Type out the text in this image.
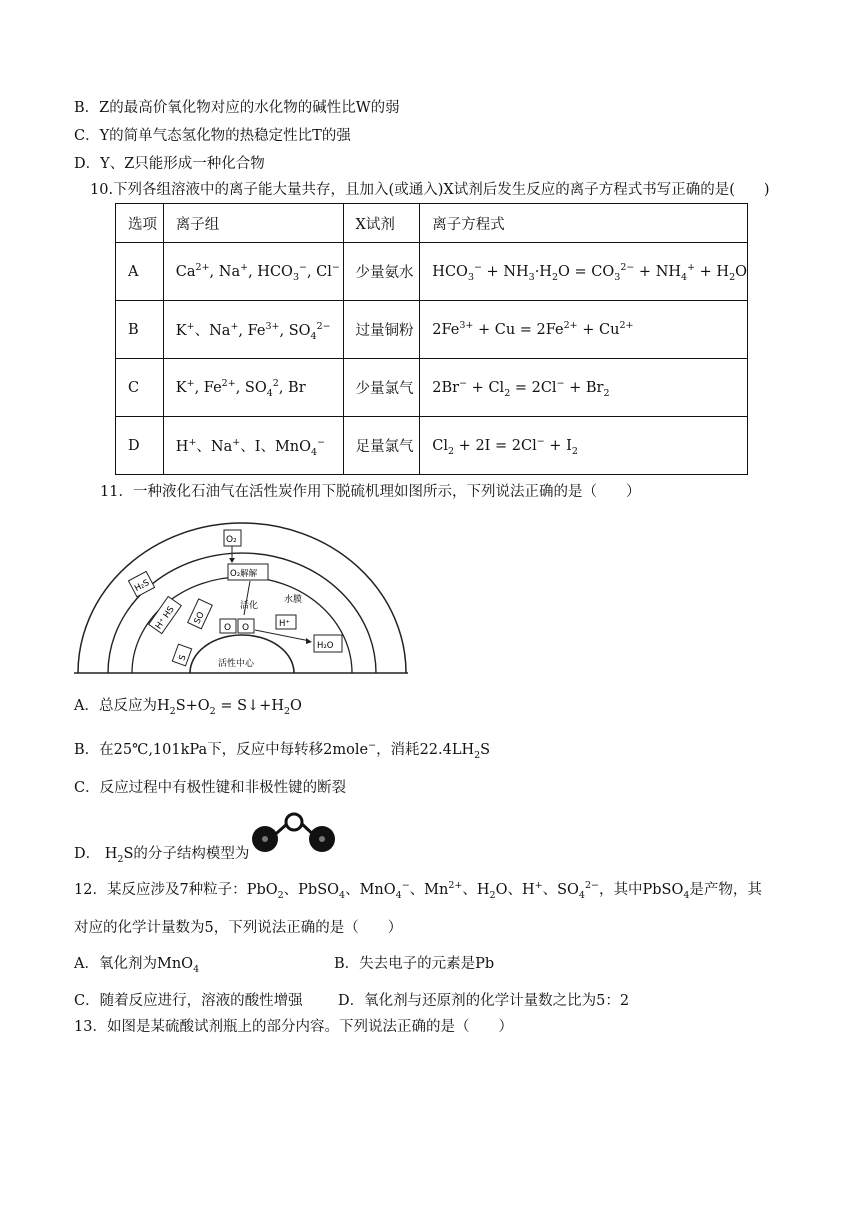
B．Z的最高价氧化物对应的水化物的碱性比W的弱
C．Y的简单气态氢化物的热稳定性比T的强
D．Y、Z只能形成一种化合物
10.下列各组溶液中的离子能大量共存，且加入(或通入)X试剂后发生反应的离子方程式书写正确的是(　　)
选项	离子组	X试剂	离子方程式
A	$Ca^{2+}$, Na+, $HCO_3^-$, Cl−	少量氨水	$HCO_3^- + NH_3\cdot H_2O = CO_3^{2-} + NH_4^+ + H_2O$
B	K+、Na+, $Fe^{3+}$, $SO_4^{2-}$	过量铜粉	$2Fe^{3+} + Cu = 2Fe^{2+} + Cu^{2+}$
C	K+, $Fe^{2+}$, $SO_4^2$, Br	少量氯气	$2Br^- + Cl_2 = 2Cl^- + Br_2$
D	H+、Na+、I、MnO$_4$−	足量氯气	$Cl_2 + 2I = 2Cl^- + I_2$
11．一种液化石油气在活性炭作用下脱硫机理如图所示，下列说法正确的是（　　）
O₂
O₂解解
活化
水膜
H₂S
H⁺ HS SO
O O	H⁺
H₂O
S
活性中心
A．总反应为$H_2S+O_2$ = $S↓+H_2O$
B．在25℃,101kPa下，反应中每转移2mole−，消耗$22.4LH_2S$
C．反应过程中有极性键和非极性键的断裂
D． $H_2S$的分子结构模型为
12．某反应涉及7种粒子：PbO$_2$、PbSO$_4$、MnO$_4$−、$Mn^{2+}$、$H_2O$、H+、$SO_4^{2-}$，其中PbSO$_4$是产物，其
对应的化学计量数为5，下列说法正确的是（　　）
A．氧化剂为MnO$_4$	B．失去电子的元素是Pb
C．随着反应进行，溶液的酸性增强 D．氧化剂与还原剂的化学计量数之比为5：2
13．如图是某硫酸试剂瓶上的部分内容。下列说法正确的是（　　）
